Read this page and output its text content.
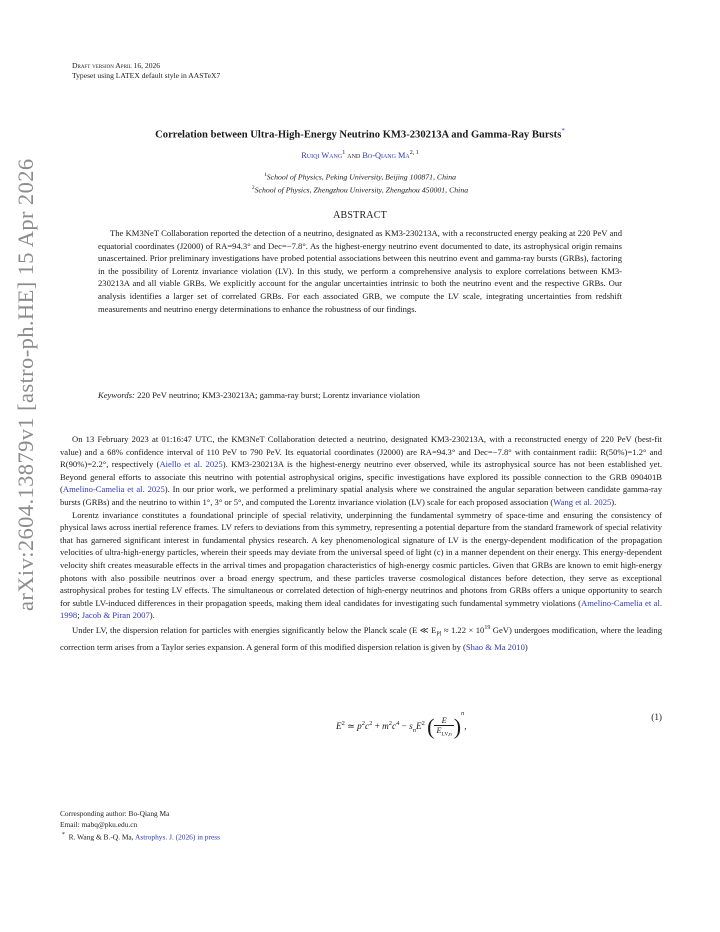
arXiv:2604.13879v1 [astro-ph.HE] 15 Apr 2026
Draft version April 16, 2026
Typeset using LATEX default style in AASTeX7
Correlation between Ultra-High-Energy Neutrino KM3-230213A and Gamma-Ray Bursts*
Ruiqi Wang$^1$ and Bo-Qiang Ma$^{2, 1}$
$^1$School of Physics, Peking University, Beijing 100871, China
$^2$School of Physics, Zhengzhou University, Zhengzhou 450001, China
ABSTRACT

The KM3NeT Collaboration reported the detection of a neutrino, designated as KM3-230213A, with a reconstructed energy peaking at 220 PeV and equatorial coordinates (J2000) of RA=94.3° and Dec=−7.8°. As the highest-energy neutrino event documented to date, its astrophysical origin remains unascertained. Prior preliminary investigations have probed potential associations between this neutrino event and gamma-ray bursts (GRBs), factoring in the possibility of Lorentz invariance violation (LV). In this study, we perform a comprehensive analysis to explore correlations between KM3-230213A and all viable GRBs. We explicitly account for the angular uncertainties intrinsic to both the neutrino event and the respective GRBs. Our analysis identifies a larger set of correlated GRBs. For each associated GRB, we compute the LV scale, integrating uncertainties from redshift measurements and neutrino energy determinations to enhance the robustness of our findings.

Keywords: 220 PeV neutrino; KM3-230213A; gamma-ray burst; Lorentz invariance violation

On 13 February 2023 at 01:16:47 UTC, the KM3NeT Collaboration detected a neutrino, designated KM3-230213A, with a reconstructed energy of 220 PeV (best-fit value) and a 68% confidence interval of 110 PeV to 790 PeV. Its equatorial coordinates (J2000) are RA=94.3° and Dec=−7.8° with containment radii: R(50%)=1.2° and R(90%)=2.2°, respectively (Aiello et al. 2025). KM3-230213A is the highest-energy neutrino ever observed, while its astrophysical source has not been established yet. Beyond general efforts to associate this neutrino with potential astrophysical origins, specific investigations have explored its possible connection to the GRB 090401B (Amelino-Camelia et al. 2025). In our prior work, we performed a preliminary spatial analysis where we constrained the angular separation between candidate gamma-ray bursts (GRBs) and the neutrino to within 1°, 3° or 5°, and computed the Lorentz invariance violation (LV) scale for each proposed association (Wang et al. 2025).

Lorentz invariance constitutes a foundational principle of special relativity, underpinning the fundamental symmetry of space-time and ensuring the consistency of physical laws across inertial reference frames. LV refers to deviations from this symmetry, representing a potential departure from the standard framework of special relativity that has garnered significant interest in fundamental physics research. A key phenomenological signature of LV is the energy-dependent modification of the propagation velocities of ultra-high-energy particles, wherein their speeds may deviate from the universal speed of light (c) in a manner dependent on their energy. This energy-dependent velocity shift creates measurable effects in the arrival times and propagation characteristics of high-energy cosmic particles. Given that GRBs are known to emit high-energy photons with also possibile neutrinos over a broad energy spectrum, and these particles traverse cosmological distances before detection, they serve as exceptional astrophysical probes for testing LV effects. The simultaneous or correlated detection of high-energy neutrinos and photons from GRBs offers a unique opportunity to search for subtle LV-induced differences in their propagation speeds, making them ideal candidates for investigating such fundamental symmetry violations (Amelino-Camelia et al. 1998; Jacob & Piran 2007).

Under LV, the dispersion relation for particles with energies significantly below the Planck scale (E ≪ $E_{Pl} \approx 1.22 \times 10^{19}$ GeV) undergoes modification, where the leading correction term arises from a Taylor series expansion. A general form of this modified dispersion relation is given by (Shao & Ma 2010)

$E^2$ ≃ $p^2c^2 + m^2c^4 - s_nE^2$ ( $\frac{E}{E_{LV,n}} )^n$,
(1)
Corresponding author: Bo-Qiang Ma
Email: mabq@pku.edu.cn
* R. Wang & B.-Q. Ma, Astrophys. J. (2026) in press
